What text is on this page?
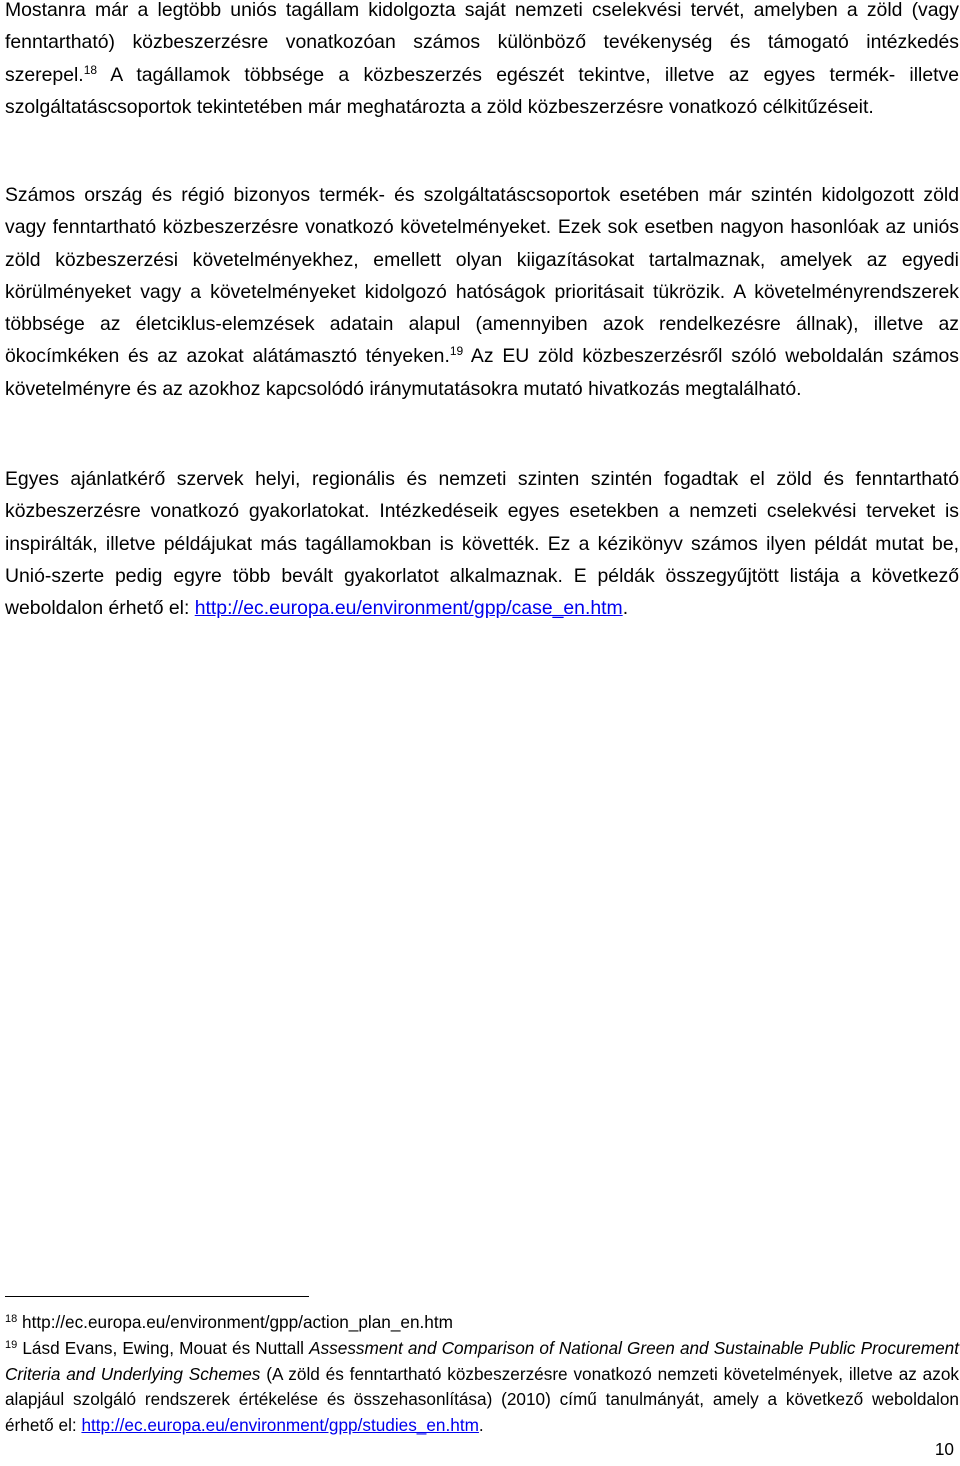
Mostanra már a legtöbb uniós tagállam kidolgozta saját nemzeti cselekvési tervét, amelyben a zöld (vagy fenntartható) közbeszerzésre vonatkozóan számos különböző tevékenység és támogató intézkedés szerepel.$^{18}$ A tagállamok többsége a közbeszerzés egészét tekintve, illetve az egyes termék- illetve szolgáltatáscsoportok tekintetében már meghatározta a zöld közbeszerzésre vonatkozó célkitűzéseit.

Számos ország és régió bizonyos termék- és szolgáltatáscsoportok esetében már szintén kidolgozott zöld vagy fenntartható közbeszerzésre vonatkozó követelményeket. Ezek sok esetben nagyon hasonlóak az uniós zöld közbeszerzési követelményekhez, emellett olyan kiigazításokat tartalmaznak, amelyek az egyedi körülményeket vagy a követelményeket kidolgozó hatóságok prioritásait tükrözik. A követelményrendszerek többsége az életciklus-elemzések adatain alapul (amennyiben azok rendelkezésre állnak), illetve az ökocímkéken és az azokat alátámasztó tényeken.$^{19}$ Az EU zöld közbeszerzésről szóló weboldalán számos követelményre és az azokhoz kapcsolódó iránymutatásokra mutató hivatkozás megtalálható.

Egyes ajánlatkérő szervek helyi, regionális és nemzeti szinten szintén fogadtak el zöld és fenntartható közbeszerzésre vonatkozó gyakorlatokat. Intézkedéseik egyes esetekben a nemzeti cselekvési terveket is inspirálták, illetve példájukat más tagállamokban is követték. Ez a kézikönyv számos ilyen példát mutat be, Unió-szerte pedig egyre több bevált gyakorlatot alkalmaznak. E példák összegyűjtött listája a következő weboldalon érhető el: http://ec.europa.eu/environment/gpp/case_en.htm.

$^{18}$ http://ec.europa.eu/environment/gpp/action_plan_en.htm

$^{19}$ Lásd Evans, Ewing, Mouat és Nuttall Assessment and Comparison of National Green and Sustainable Public Procurement Criteria and Underlying Schemes (A zöld és fenntartható közbeszerzésre vonatkozó nemzeti követelmények, illetve az azok alapjául szolgáló rendszerek értékelése és összehasonlítása) (2010) című tanulmányát, amely a következő weboldalon érhető el: http://ec.europa.eu/environment/gpp/studies_en.htm.

10
